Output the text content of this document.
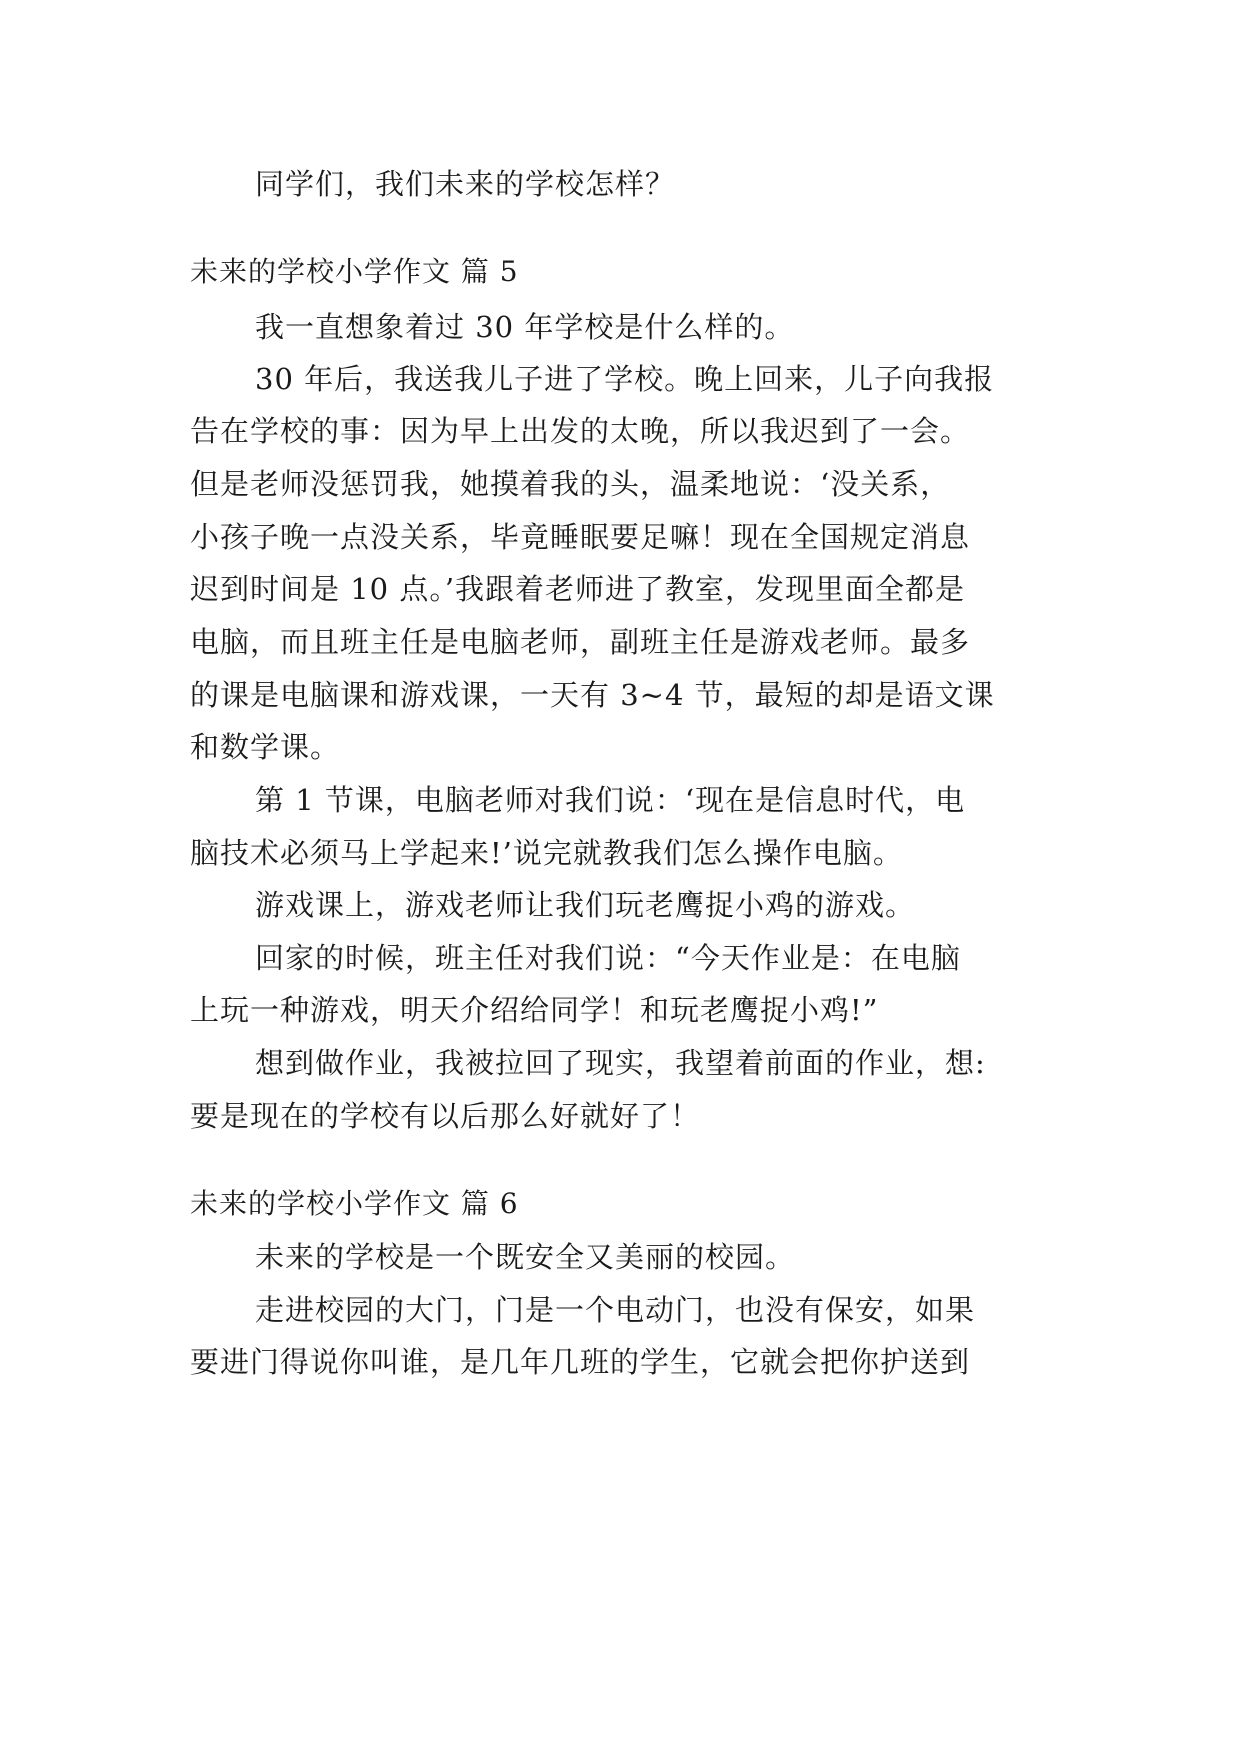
同学们，我们未来的学校怎样？
未来的学校小学作文 篇 5
我一直想象着过 30 年学校是什么样的。
30 年后，我送我儿子进了学校。晚上回来，儿子向我报
告在学校的事：因为早上出发的太晚，所以我迟到了一会。
但是老师没惩罚我，她摸着我的头，温柔地说：‘没关系，
小孩子晚一点没关系，毕竟睡眠要足嘛！现在全国规定消息
迟到时间是 10 点。’我跟着老师进了教室，发现里面全都是
电脑，而且班主任是电脑老师，副班主任是游戏老师。最多
的课是电脑课和游戏课，一天有 3~4 节，最短的却是语文课
和数学课。
第 1 节课，电脑老师对我们说：‘现在是信息时代，电
脑技术必须马上学起来!’说完就教我们怎么操作电脑。
游戏课上，游戏老师让我们玩老鹰捉小鸡的游戏。
回家的时候，班主任对我们说：“今天作业是：在电脑
上玩一种游戏，明天介绍给同学！和玩老鹰捉小鸡!”
想到做作业，我被拉回了现实，我望着前面的作业，想:
要是现在的学校有以后那么好就好了！
未来的学校小学作文 篇 6
未来的学校是一个既安全又美丽的校园。
走进校园的大门，门是一个电动门，也没有保安，如果
要进门得说你叫谁，是几年几班的学生，它就会把你护送到
